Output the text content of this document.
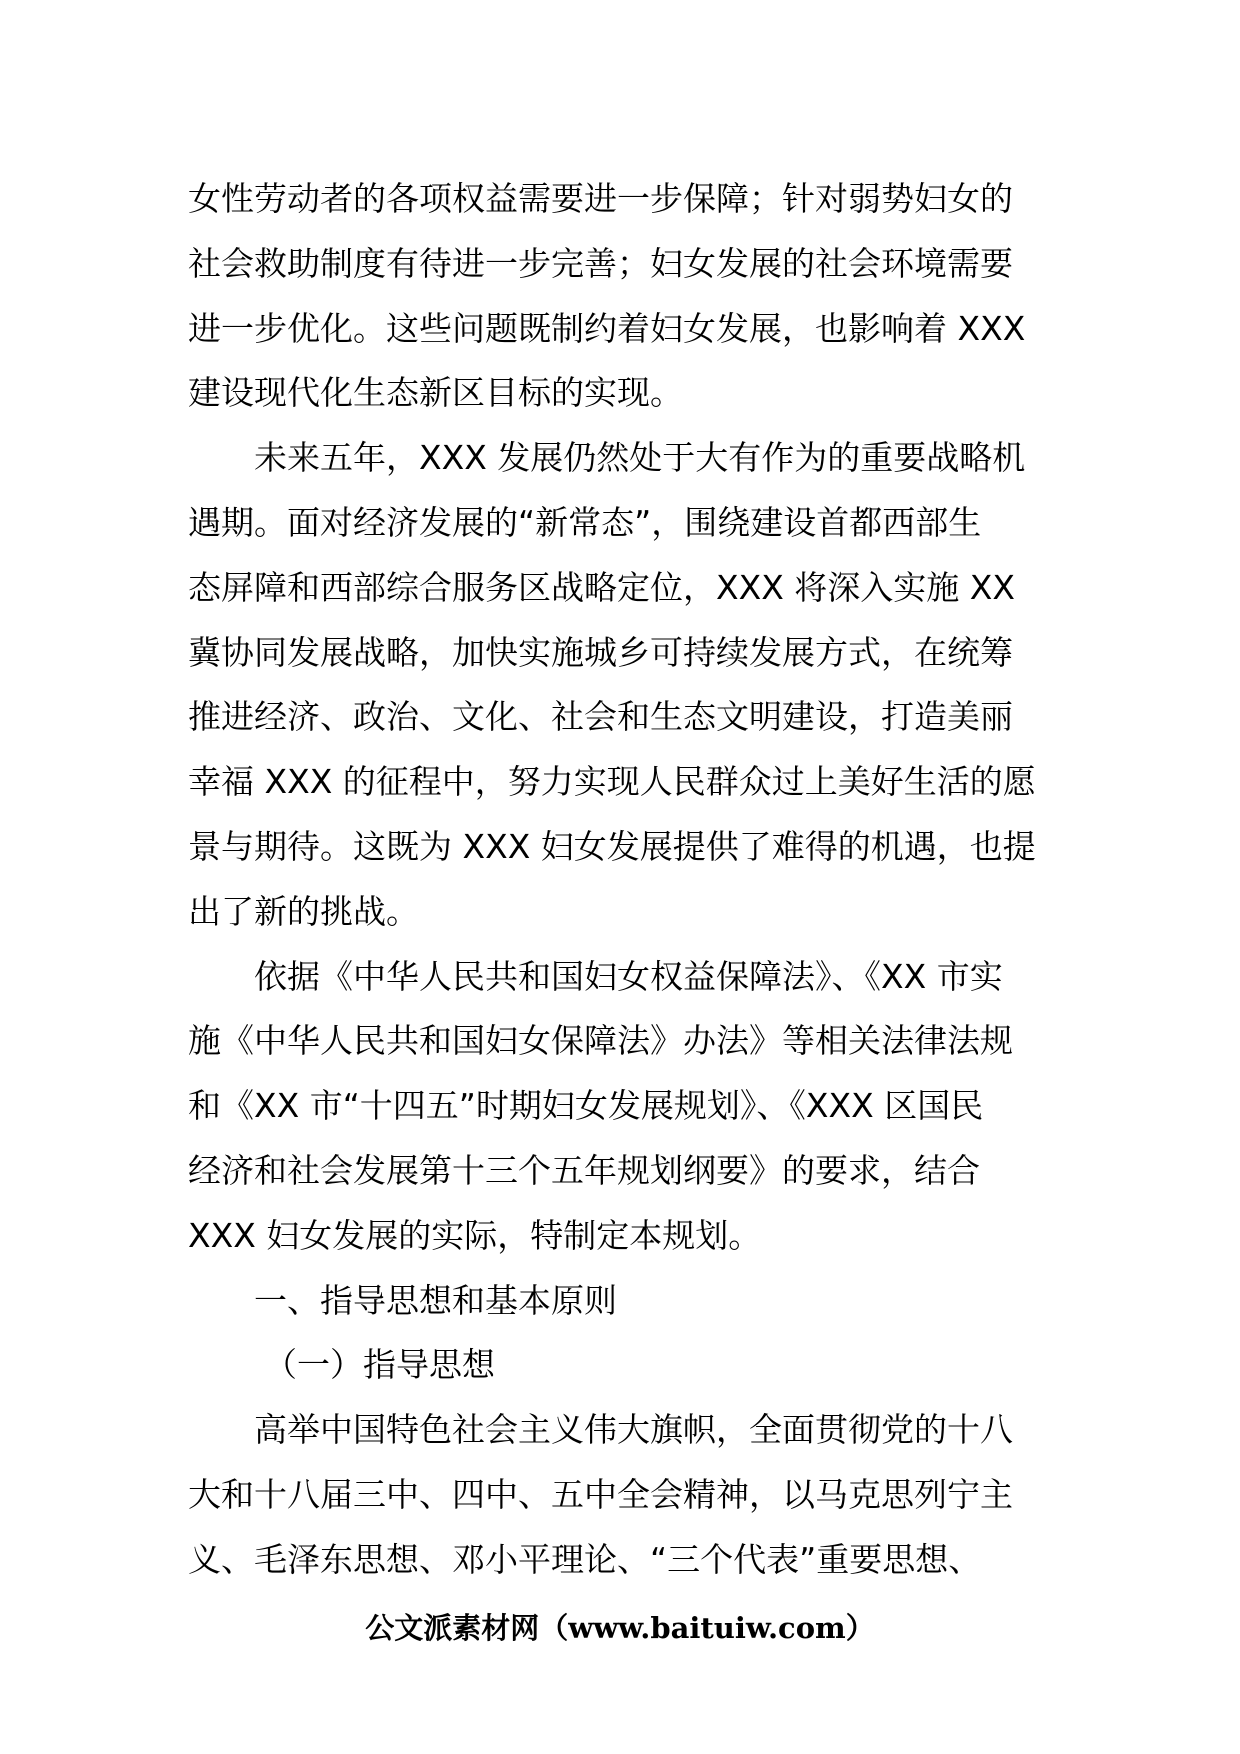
女性劳动者的各项权益需要进一步保障；针对弱势妇女的
社会救助制度有待进一步完善；妇女发展的社会环境需要
进一步优化。这些问题既制约着妇女发展，也影响着 XXX
建设现代化生态新区目标的实现。
未来五年，XXX 发展仍然处于大有作为的重要战略机
遇期。面对经济发展的“新常态”，围绕建设首都西部生
态屏障和西部综合服务区战略定位，XXX 将深入实施 XX
冀协同发展战略，加快实施城乡可持续发展方式，在统筹
推进经济、政治、文化、社会和生态文明建设，打造美丽
幸福 XXX 的征程中，努力实现人民群众过上美好生活的愿
景与期待。这既为 XXX 妇女发展提供了难得的机遇，也提
出了新的挑战。
依据《中华人民共和国妇女权益保障法》、《XX 市实
施《中华人民共和国妇女保障法》办法》等相关法律法规
和《XX 市“十四五”时期妇女发展规划》、《XXX 区国民
经济和社会发展第十三个五年规划纲要》的要求，结合
XXX 妇女发展的实际，特制定本规划。
一、指导思想和基本原则
（一）指导思想
高举中国特色社会主义伟大旗帜，全面贯彻党的十八
大和十八届三中、四中、五中全会精神，以马克思列宁主
义、毛泽东思想、邓小平理论、“三个代表”重要思想、
公文派素材网（www.baituiw.com）
